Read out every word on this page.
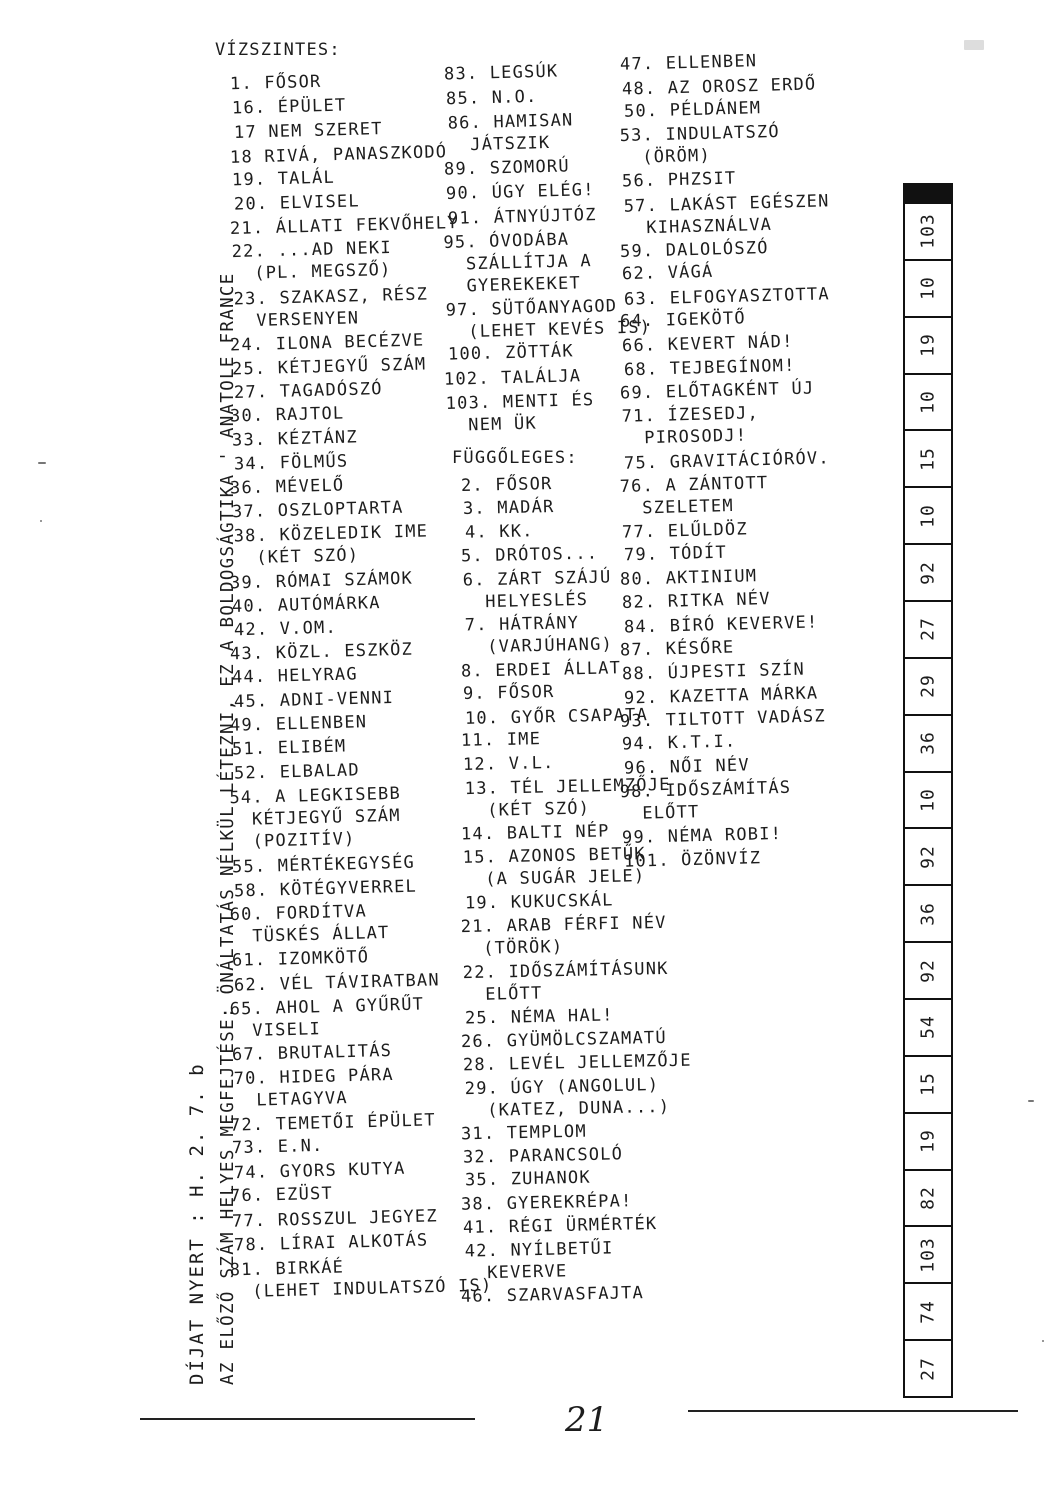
DÍJAT NYERT : H. 2. 7. b AZ ELŐZŐ SZÁM HELYES MEGFEJTÉSE: ÖNÁLTATÁS NÉLKÜL LÉTEZNI, EZ A BOLDOGSÁGTIKA ' ANATOLE FRANCE
VÍZSZINTES:
1. FŐSOR
16. ÉPÜLET
17 NEM SZERET
18 RIVÁ, PANASZKODÓ
19. TALÁL
20. ELVISEL
21. ÁLLATI FEKVŐHELY
22. ...AD NEKI
(PL. MEGSZŐ)
23. SZAKASZ, RÉSZ
VERSENYEN
24. ILONA BECÉZVE
25. KÉTJEGYŰ SZÁM
27. TAGADÓSZÓ
30. RAJTOL
33. KÉZTÁNZ
34. FÖLMŰS
36. MÉVELŐ
37. OSZLOPTARTA
38. KÖZELEDIK IME
(KÉT SZÓ)
39. RÓMAI SZÁMOK
40. AUTÓMÁRKA
42. V.OM.
43. KÖZL. ESZKÖZ
44. HELYRAG
45. ADNI-VENNI
49. ELLENBEN
51. ELIBÉM
52. ELBALAD
54. A LEGKISEBB
KÉTJEGYŰ SZÁM
(POZITÍV)
55. MÉRTÉKEGYSÉG
58. KÖTÉGYVERREL
60. FORDÍTVA
TÜSKÉS ÁLLAT
61. IZOMKÖTŐ
62. VÉL TÁVIRATBAN
65. AHOL A GYŰRŰT
VISELI
67. BRUTALITÁS
70. HIDEG PÁRA
LETAGYVA
72. TEMETŐI ÉPÜLET
73. E.N.
74. GYORS KUTYA
76. EZÜST
77. ROSSZUL JEGYEZ
78. LÍRAI ALKOTÁS
81. BIRKÁÉ
(LEHET INDULATSZÓ IS)
83. LEGSÚK
85. N.O.
86. HAMISAN
JÁTSZIK
89. SZOMORÚ
90. ÚGY ELÉG!
91. ÁTNYÚJTÓZ
95. ÓVODÁBA
SZÁLLÍTJA A
GYEREKEKET
97. SÜTŐANYAGOD
(LEHET KEVÉS IS)
100. ZÖTTÁK
102. TALÁLJA
103. MENTI ÉS
NEM ÜK
FÜGGŐLEGES:
2. FŐSOR
3. MADÁR
4. KK.
5. DRÓTOS...
6. ZÁRT SZÁJÚ
HELYESLÉS
7. HÁTRÁNY
(VARJÚHANG)
8. ERDEI ÁLLAT
9. FŐSOR
10. GYŐR CSAPATA
11. IME
12. V.L.
13. TÉL JELLEMZŐJE
(KÉT SZÓ)
14. BALTI NÉP
15. AZONOS BETŰK
(A SUGÁR JELE)
19. KUKUCSKÁL
21. ARAB FÉRFI NÉV
(TÖRÖK)
22. IDŐSZÁMÍTÁSUNK
ELŐTT
25. NÉMA HAL!
26. GYÜMÖLCSZAMATÚ
28. LEVÉL JELLEMZŐJE
29. ÚGY (ANGOLUL)
(KATEZ, DUNA...)
31. TEMPLOM
32. PARANCSOLÓ
35. ZUHANOK
38. GYEREKRÉPA!
41. RÉGI ÜRMÉRTÉK
42. NYÍLBETŰI
KEVERVE
46. SZARVASFAJTA
47. ELLENBEN
48. AZ OROSZ ERDŐ
50. PÉLDÁNEM
53. INDULATSZÓ
(ÖRÖM)
56. PHZSIT
57. LAKÁST EGÉSZEN
KIHASZNÁLVA
59. DALOLÓSZÓ
62. VÁGÁ
63. ELFOGYASZTOTTA
64. IGEKÖTŐ
66. KEVERT NÁD!
68. TEJBEGÍNOM!
69. ELŐTAGKÉNT ÚJ
71. ÍZESEDJ,
PIROSODJ!
75. GRAVITÁCIÓRÓV.
76. A ZÁNTOTT
SZELETEM
77. ELŰLDÖZ
79. TÓDÍT
80. AKTINIUM
82. RITKA NÉV
84. BÍRÓ KEVERVE!
87. KÉSŐRE
88. ÚJPESTI SZÍN
92. KAZETTA MÁRKA
93. TILTOTT VADÁSZ
94. K.T.I.
96. NŐI NÉV
98. IDŐSZÁMÍTÁS
ELŐTT
99. NÉMA ROBI!
101. ÖZÖNVÍZ
103
10
19
10
15
10
92
27
29
36
10
92
36
92
54
15
19
82
103
74
27
21
